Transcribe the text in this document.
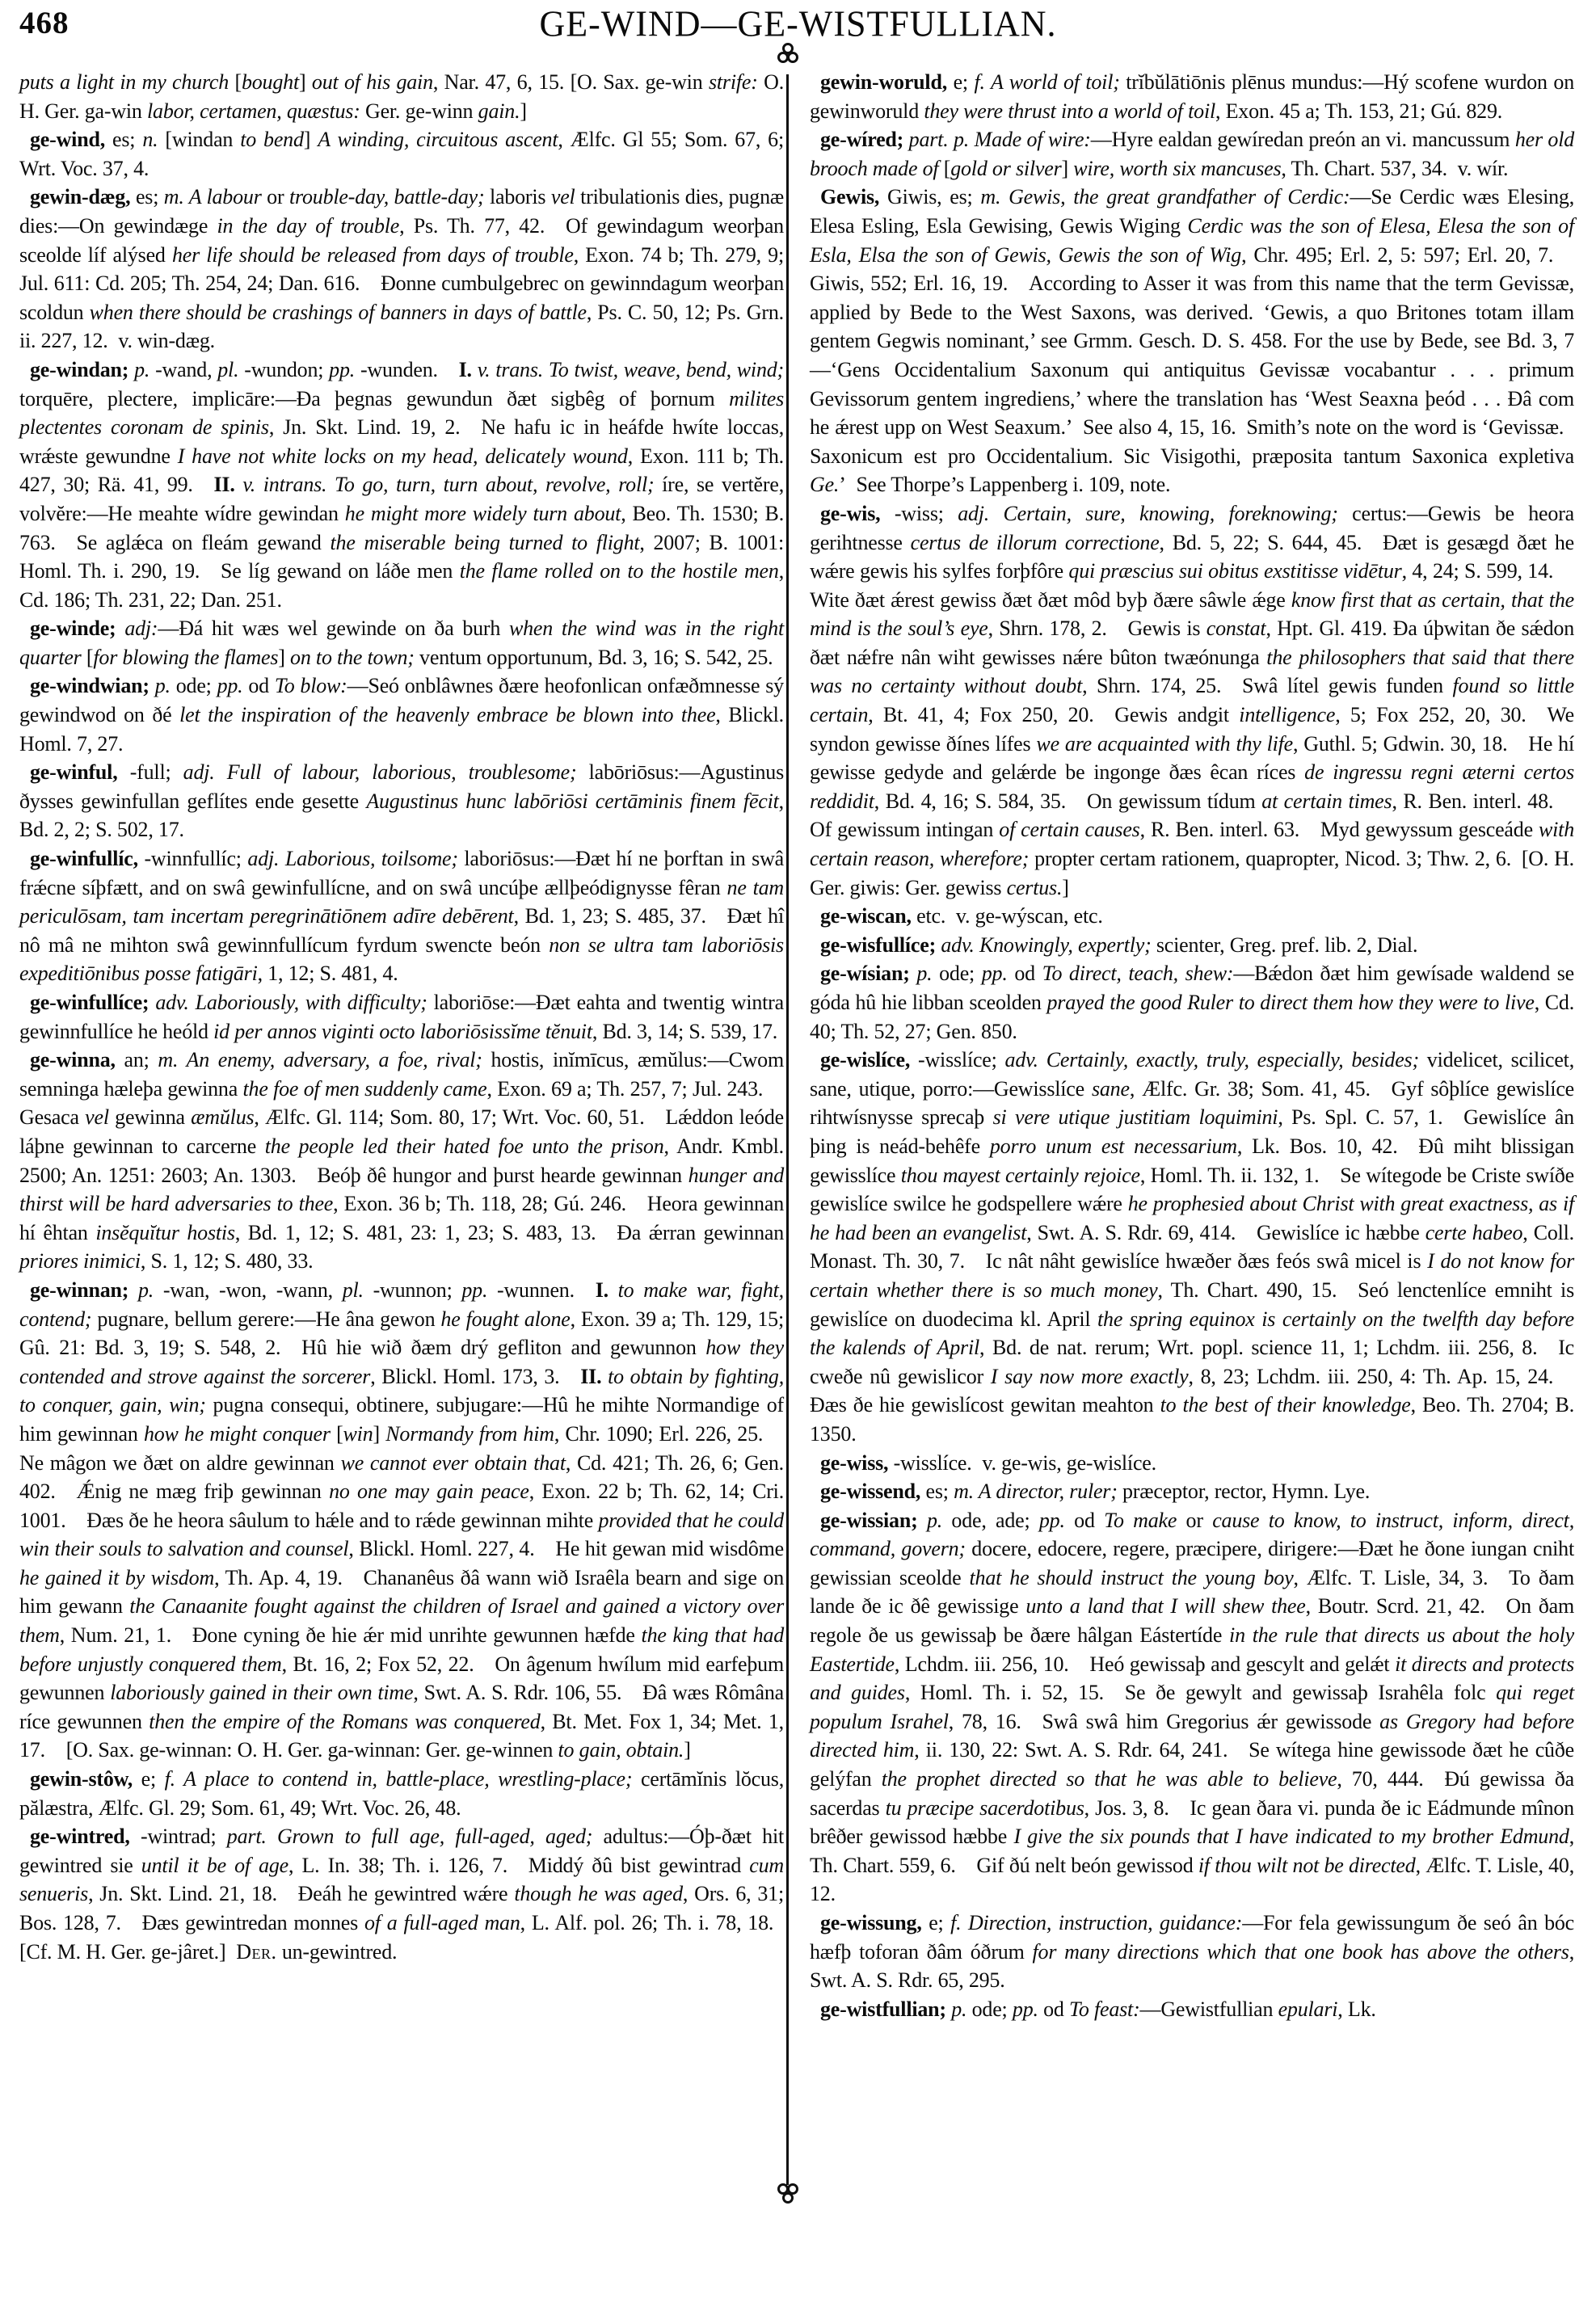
468	GE-WIND—GE-WISTFULLIAN.

puts a light in my church [bought] out of his gain, Nar. 47, 6, 15. [O. Sax. ge-win strife: O. H. Ger. ga-win labor, certamen, quæstus: Ger. ge-winn gain.]

ge-wind, es; n. [windan to bend] A winding, circuitous ascent, Ælfc. Gl 55; Som. 67, 6; Wrt. Voc. 37, 4.

gewin-dæg, es; m. A labour or trouble-day, battle-day; laboris vel tribulationis dies, pugnæ dies:—On gewindæge in the day of trouble, Ps. Th. 77, 42. Of gewindagum weorþan sceolde líf alýsed her life should be released from days of trouble, Exon. 74 b; Th. 279, 9; Jul. 611: Cd. 205; Th. 254, 24; Dan. 616. Ðonne cumbulgebrec on gewinndagum weorþan scoldun when there should be crashings of banners in days of battle, Ps. C. 50, 12; Ps. Grn. ii. 227, 12. v. win-dæg.

ge-windan; p. -wand, pl. -wundon; pp. -wunden. I. v. trans. To twist, weave, bend, wind; torquēre, plectere, implicāre:—Ða þegnas gewundun ðæt sigbêg of þornum milites plectentes coronam de spinis, Jn. Skt. Lind. 19, 2. Ne hafu ic in heáfde hwíte loccas, wrǽste gewundne I have not white locks on my head, delicately wound, Exon. 111 b; Th. 427, 30; Rä. 41, 99. II. v. intrans. To go, turn, turn about, revolve, roll; íre, se vertĕre, volvĕre:—He meahte wídre gewindan he might more widely turn about, Beo. Th. 1530; B. 763. Se aglǽca on fleám gewand the miserable being turned to flight, 2007; B. 1001: Homl. Th. i. 290, 19. Se líg gewand on láðe men the flame rolled on to the hostile men, Cd. 186; Th. 231, 22; Dan. 251.

ge-winde; adj:—Ðá hit wæs wel gewinde on ða burh when the wind was in the right quarter [for blowing the flames] on to the town; ventum opportunum, Bd. 3, 16; S. 542, 25.

ge-windwian; p. ode; pp. od To blow:—Seó onblâwnes ðære heofonlican onfæðmnesse sý gewindwod on ðé let the inspiration of the heavenly embrace be blown into thee, Blickl. Homl. 7, 27.

ge-winful, -full; adj. Full of labour, laborious, troublesome; labōriōsus:—Agustinus ðysses gewinfullan geflítes ende gesette Augustinus hunc labōriōsi certāminis finem fēcit, Bd. 2, 2; S. 502, 17.

ge-winfullíc, -winnfullíc; adj. Laborious, toilsome; laboriōsus:—Ðæt hí ne þorftan in swâ frǽcne síþfætt, and on swâ gewinfullícne, and on swâ uncúþe ællþeódignysse fêran ne tam periculōsam, tam incertam peregrinātiōnem adīre debērent, Bd. 1, 23; S. 485, 37. Ðæt hî nô mâ ne mihton swâ gewinnfullícum fyrdum swencte beón non se ultra tam laboriōsis expeditiōnibus posse fatigāri, 1, 12; S. 481, 4.

ge-winfullíce; adv. Laboriously, with difficulty; laboriōse:—Ðæt eahta and twentig wintra gewinnfullíce he heóld id per annos viginti octo laboriōsissĭme tĕnuit, Bd. 3, 14; S. 539, 17.

ge-winna, an; m. An enemy, adversary, a foe, rival; hostis, inĭmīcus, æmŭlus:—Cwom semninga hæleþa gewinna the foe of men suddenly came, Exon. 69 a; Th. 257, 7; Jul. 243. Gesaca vel gewinna æmŭlus, Ælfc. Gl. 114; Som. 80, 17; Wrt. Voc. 60, 51. Lǽddon leóde láþne gewinnan to carcerne the people led their hated foe unto the prison, Andr. Kmbl. 2500; An. 1251: 2603; An. 1303. Beóþ ðê hungor and þurst hearde gewinnan hunger and thirst will be hard adversaries to thee, Exon. 36 b; Th. 118, 28; Gú. 246. Heora gewinnan hí êhtan insĕquĭtur hostis, Bd. 1, 12; S. 481, 23: 1, 23; S. 483, 13. Ða ǽrran gewinnan priores inimici, S. 1, 12; S. 480, 33.

ge-winnan; p. -wan, -won, -wann, pl. -wunnon; pp. -wunnen. I. to make war, fight, contend; pugnare, bellum gerere:—He âna gewon he fought alone, Exon. 39 a; Th. 129, 15; Gû. 21: Bd. 3, 19; S. 548, 2. Hû hie wið ðæm drý gefliton and gewunnon how they contended and strove against the sorcerer, Blickl. Homl. 173, 3. II. to obtain by fighting, to conquer, gain, win; pugna consequi, obtinere, subjugare:—Hû he mihte Normandige of him gewinnan how he might conquer [win] Normandy from him, Chr. 1090; Erl. 226, 25. Ne mâgon we ðæt on aldre gewinnan we cannot ever obtain that, Cd. 421; Th. 26, 6; Gen. 402. Ǽnig ne mæg friþ gewinnan no one may gain peace, Exon. 22 b; Th. 62, 14; Cri. 1001. Ðæs ðe he heora sâulum to hǽle and to rǽde gewinnan mihte provided that he could win their souls to salvation and counsel, Blickl. Homl. 227, 4. He hit gewan mid wisdôme he gained it by wisdom, Th. Ap. 4, 19. Chananêus ðâ wann wið Israêla bearn and sige on him gewann the Canaanite fought against the children of Israel and gained a victory over them, Num. 21, 1. Ðone cyning ðe hie ǽr mid unrihte gewunnen hæfde the king that had before unjustly conquered them, Bt. 16, 2; Fox 52, 22. On âgenum hwílum mid earfeþum gewunnen laboriously gained in their own time, Swt. A. S. Rdr. 106, 55. Ðâ wæs Rômâna ríce gewunnen then the empire of the Romans was conquered, Bt. Met. Fox 1, 34; Met. 1, 17. [O. Sax. ge-winnan: O. H. Ger. ga-winnan: Ger. ge-winnen to gain, obtain.]

gewin-stôw, e; f. A place to contend in, battle-place, wrestling-place; certāmĭnis lŏcus, pălæstra, Ælfc. Gl. 29; Som. 61, 49; Wrt. Voc. 26, 48.

ge-wintred, -wintrad; part. Grown to full age, full-aged, aged; adultus:—Óþ-ðæt hit gewintred sie until it be of age, L. In. 38; Th. i. 126, 7. Middý ðû bist gewintrad cum senueris, Jn. Skt. Lind. 21, 18. Ðeáh he gewintred wǽre though he was aged, Ors. 6, 31; Bos. 128, 7. Ðæs gewintredan monnes of a full-aged man, L. Alf. pol. 26; Th. i. 78, 18. [Cf. M. H. Ger. ge-jâret.] Der. un-gewintred.

gewin-woruld, e; f. A world of toil; trĭbŭlātiōnis plēnus mundus:—Hý scofene wurdon on gewinworuld they were thrust into a world of toil, Exon. 45 a; Th. 153, 21; Gú. 829.

ge-wíred; part. p. Made of wire:—Hyre ealdan gewíredan preón an vi. mancussum her old brooch made of [gold or silver] wire, worth six mancuses, Th. Chart. 537, 34. v. wír.

Gewis, Giwis, es; m. Gewis, the great grandfather of Cerdic:—Se Cerdic wæs Elesing, Elesa Esling, Esla Gewising, Gewis Wiging Cerdic was the son of Elesa, Elesa the son of Esla, Elsa the son of Gewis, Gewis the son of Wig, Chr. 495; Erl. 2, 5: 597; Erl. 20, 7. Giwis, 552; Erl. 16, 19. According to Asser it was from this name that the term Gevissæ, applied by Bede to the West Saxons, was derived. ‘Gewis, a quo Britones totam illam gentem Gegwis nominant,’ see Grmm. Gesch. D. S. 458. For the use by Bede, see Bd. 3, 7—‘Gens Occidentalium Saxonum qui antiquitus Gevissæ vocabantur . . . primum Gevissorum gentem ingrediens,’ where the translation has ‘West Seaxna þeód . . . Ðâ com he ǽrest upp on West Seaxum.’ See also 4, 15, 16. Smith’s note on the word is ‘Gevissæ. Saxonicum est pro Occidentalium. Sic Visigothi, præposita tantum Saxonica expletiva Ge.’ See Thorpe’s Lappenberg i. 109, note.

ge-wis, -wiss; adj. Certain, sure, knowing, foreknowing; certus:—Gewis be heora gerihtnesse certus de illorum correctione, Bd. 5, 22; S. 644, 45. Ðæt is gesægd ðæt he wǽre gewis his sylfes forþfôre qui præscius sui obitus exstitisse vidētur, 4, 24; S. 599, 14. Wite ðæt ǽrest gewiss ðæt ðæt môd byþ ðære sâwle ǽge know first that as certain, that the mind is the soul’s eye, Shrn. 178, 2. Gewis is constat, Hpt. Gl. 419. Ða úþwitan ðe sǽdon ðæt nǽfre nân wiht gewisses nǽre bûton twæónunga the philosophers that said that there was no certainty without doubt, Shrn. 174, 25. Swâ lítel gewis funden found so little certain, Bt. 41, 4; Fox 250, 20. Gewis andgit intelligence, 5; Fox 252, 20, 30. We syndon gewisse ðínes lífes we are acquainted with thy life, Guthl. 5; Gdwin. 30, 18. He hí gewisse gedyde and gelǽrde be ingonge ðæs êcan ríces de ingressu regni æterni certos reddidit, Bd. 4, 16; S. 584, 35. On gewissum tídum at certain times, R. Ben. interl. 48. Of gewissum intingan of certain causes, R. Ben. interl. 63. Myd gewyssum gesceáde with certain reason, wherefore; propter certam rationem, quapropter, Nicod. 3; Thw. 2, 6. [O. H. Ger. giwis: Ger. gewiss certus.]

ge-wiscan, etc. v. ge-wýscan, etc.

ge-wisfullíce; adv. Knowingly, expertly; scienter, Greg. pref. lib. 2, Dial.

ge-wísian; p. ode; pp. od To direct, teach, shew:—Bǽdon ðæt him gewísade waldend se góda hû hie libban sceolden prayed the good Ruler to direct them how they were to live, Cd. 40; Th. 52, 27; Gen. 850.

ge-wislíce, -wisslíce; adv. Certainly, exactly, truly, especially, besides; videlicet, scilicet, sane, utique, porro:—Gewisslíce sane, Ælfc. Gr. 38; Som. 41, 45. Gyf sôþlíce gewislíce rihtwísnysse sprecaþ si vere utique justitiam loquimini, Ps. Spl. C. 57, 1. Gewislíce ân þing is neád-behêfe porro unum est necessarium, Lk. Bos. 10, 42. Ðû miht blissigan gewisslíce thou mayest certainly rejoice, Homl. Th. ii. 132, 1. Se wítegode be Criste swíðe gewislíce swilce he godspellere wǽre he prophesied about Christ with great exactness, as if he had been an evangelist, Swt. A. S. Rdr. 69, 414. Gewislíce ic hæbbe certe habeo, Coll. Monast. Th. 30, 7. Ic nât nâht gewislíce hwæðer ðæs feós swâ micel is I do not know for certain whether there is so much money, Th. Chart. 490, 15. Seó lenctenlíce emniht is gewislíce on duodecima kl. April the spring equinox is certainly on the twelfth day before the kalends of April, Bd. de nat. rerum; Wrt. popl. science 11, 1; Lchdm. iii. 256, 8. Ic cweðe nû gewislicor I say now more exactly, 8, 23; Lchdm. iii. 250, 4: Th. Ap. 15, 24. Ðæs ðe hie gewislícost gewitan meahton to the best of their knowledge, Beo. Th. 2704; B. 1350.

ge-wiss, -wisslíce. v. ge-wis, ge-wislíce.

ge-wissend, es; m. A director, ruler; præceptor, rector, Hymn. Lye.

ge-wissian; p. ode, ade; pp. od To make or cause to know, to instruct, inform, direct, command, govern; docere, edocere, regere, præcipere, dirigere:—Ðæt he ðone iungan cniht gewissian sceolde that he should instruct the young boy, Ælfc. T. Lisle, 34, 3. To ðam lande ðe ic ðê gewissige unto a land that I will shew thee, Boutr. Scrd. 21, 42. On ðam regole ðe us gewissaþ be ðære hâlgan Eástertíde in the rule that directs us about the holy Eastertide, Lchdm. iii. 256, 10. Heó gewissaþ and gescylt and gelǽt it directs and protects and guides, Homl. Th. i. 52, 15. Se ðe gewylt and gewissaþ Israhêla folc qui reget populum Israhel, 78, 16. Swâ swâ him Gregorius ǽr gewissode as Gregory had before directed him, ii. 130, 22: Swt. A. S. Rdr. 64, 241. Se wítega hine gewissode ðæt he cûðe gelýfan the prophet directed so that he was able to believe, 70, 444. Ðú gewissa ða sacerdas tu præcipe sacerdotibus, Jos. 3, 8. Ic gean ðara vi. punda ðe ic Eádmunde mînon brêðer gewissod hæbbe I give the six pounds that I have indicated to my brother Edmund, Th. Chart. 559, 6. Gif ðú nelt beón gewissod if thou wilt not be directed, Ælfc. T. Lisle, 40, 12.

ge-wissung, e; f. Direction, instruction, guidance:—For fela gewissungum ðe seó ân bóc hæfþ toforan ðâm óðrum for many directions which that one book has above the others, Swt. A. S. Rdr. 65, 295.

ge-wistfullian; p. ode; pp. od To feast:—Gewistfullian epulari, Lk.
